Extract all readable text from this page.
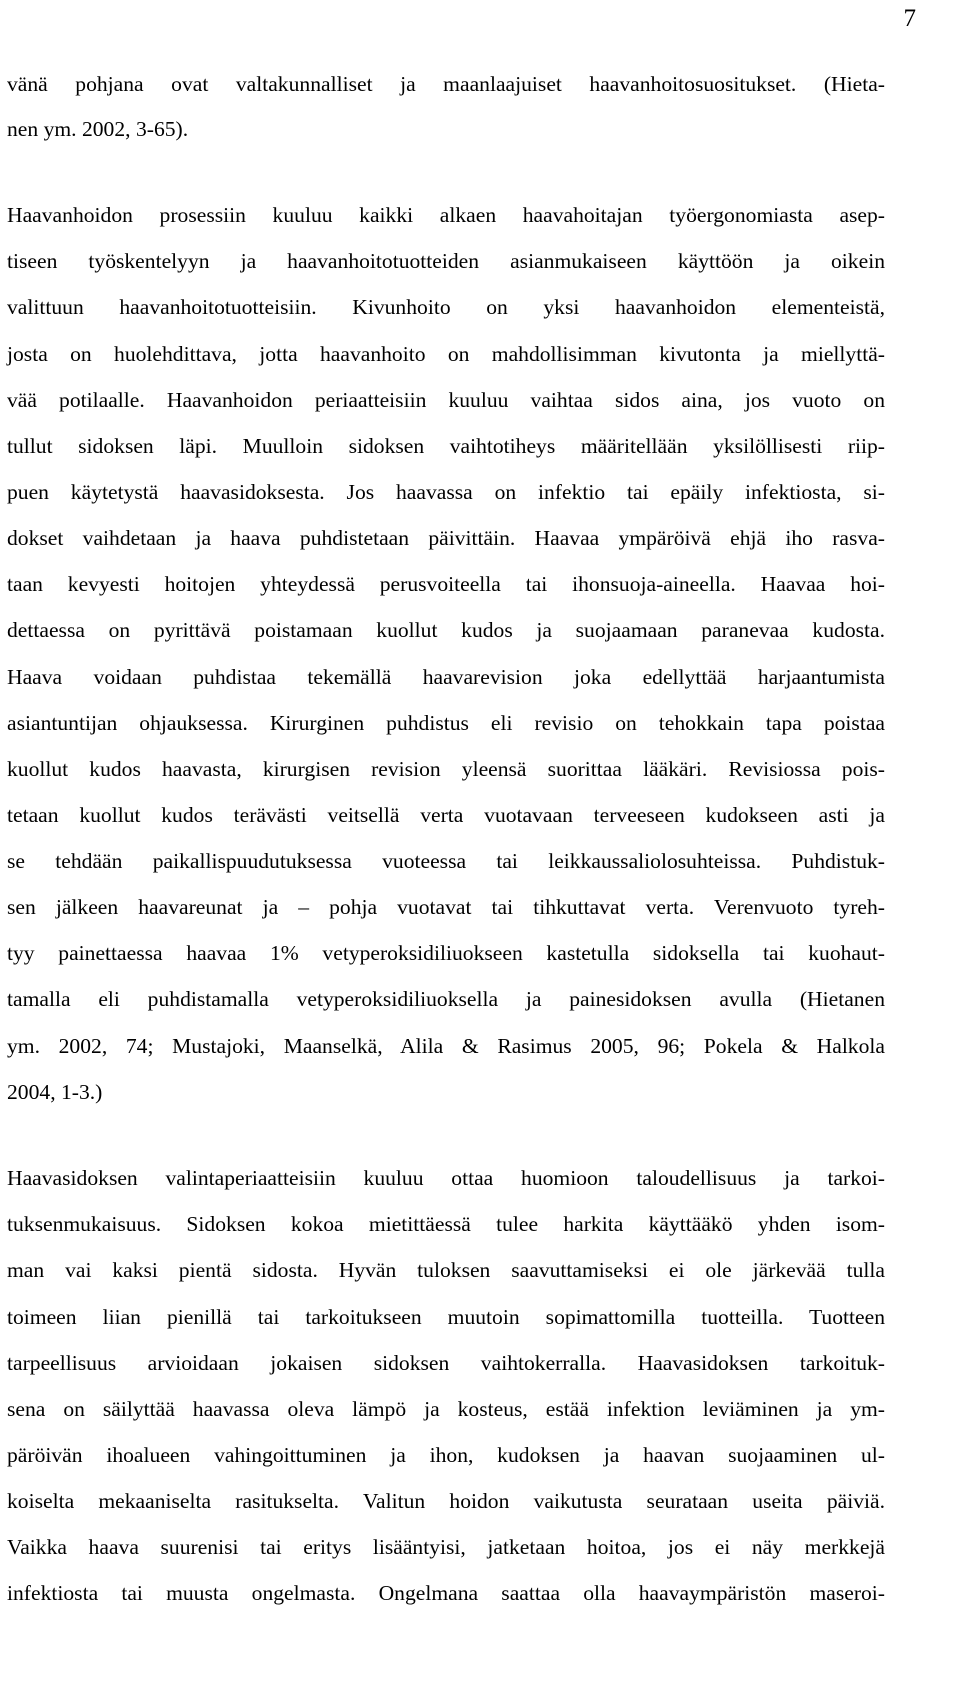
7
vänä pohjana ovat valtakunnalliset ja maanlaajuiset haavanhoitosuositukset. (Hieta-
nen ym. 2002, 3-65).
Haavanhoidon prosessiin kuuluu kaikki alkaen haavahoitajan työergonomiasta asep-
tiseen työskentelyyn ja haavanhoitotuotteiden asianmukaiseen käyttöön ja oikein
valittuun haavanhoitotuotteisiin. Kivunhoito on yksi haavanhoidon elementeistä,
josta on huolehdittava, jotta haavanhoito on mahdollisimman kivutonta ja miellyttä-
vää potilaalle. Haavanhoidon periaatteisiin kuuluu vaihtaa sidos aina, jos vuoto on
tullut sidoksen läpi. Muulloin sidoksen vaihtotiheys määritellään yksilöllisesti riip-
puen käytetystä haavasidoksesta. Jos haavassa on infektio tai epäily infektiosta, si-
dokset vaihdetaan ja haava puhdistetaan päivittäin. Haavaa ympäröivä ehjä iho rasva-
taan kevyesti hoitojen yhteydessä perusvoiteella tai ihonsuoja-aineella. Haavaa hoi-
dettaessa on pyrittävä poistamaan kuollut kudos ja suojaamaan paranevaa kudosta.
Haava voidaan puhdistaa tekemällä haavarevision joka edellyttää harjaantumista
asiantuntijan ohjauksessa. Kirurginen puhdistus eli revisio on tehokkain tapa poistaa
kuollut kudos haavasta, kirurgisen revision yleensä suorittaa lääkäri. Revisiossa pois-
tetaan kuollut kudos terävästi veitsellä verta vuotavaan terveeseen kudokseen asti ja
se tehdään paikallispuudutuksessa vuoteessa tai leikkaussaliolosuhteissa. Puhdistuk-
sen jälkeen haavareunat ja – pohja vuotavat tai tihkuttavat verta. Verenvuoto tyreh-
tyy painettaessa haavaa 1% vetyperoksidiliuokseen kastetulla sidoksella tai kuohaut-
tamalla eli puhdistamalla vetyperoksidiliuoksella ja painesidoksen avulla (Hietanen
ym. 2002, 74; Mustajoki, Maanselkä, Alila & Rasimus 2005, 96; Pokela & Halkola
2004, 1-3.)
Haavasidoksen valintaperiaatteisiin kuuluu ottaa huomioon taloudellisuus ja tarkoi-
tuksenmukaisuus. Sidoksen kokoa mietittäessä tulee harkita käyttääkö yhden isom-
man vai kaksi pientä sidosta. Hyvän tuloksen saavuttamiseksi ei ole järkevää tulla
toimeen liian pienillä tai tarkoitukseen muutoin sopimattomilla tuotteilla. Tuotteen
tarpeellisuus arvioidaan jokaisen sidoksen vaihtokerralla. Haavasidoksen tarkoituk-
sena on säilyttää haavassa oleva lämpö ja kosteus, estää infektion leviäminen ja ym-
päröivän ihoalueen vahingoittuminen ja ihon, kudoksen ja haavan suojaaminen ul-
koiselta mekaaniselta rasitukselta. Valitun hoidon vaikutusta seurataan useita päiviä.
Vaikka haava suurenisi tai eritys lisääntyisi, jatketaan hoitoa, jos ei näy merkkejä
infektiosta tai muusta ongelmasta. Ongelmana saattaa olla haavaympäristön maseroi-
